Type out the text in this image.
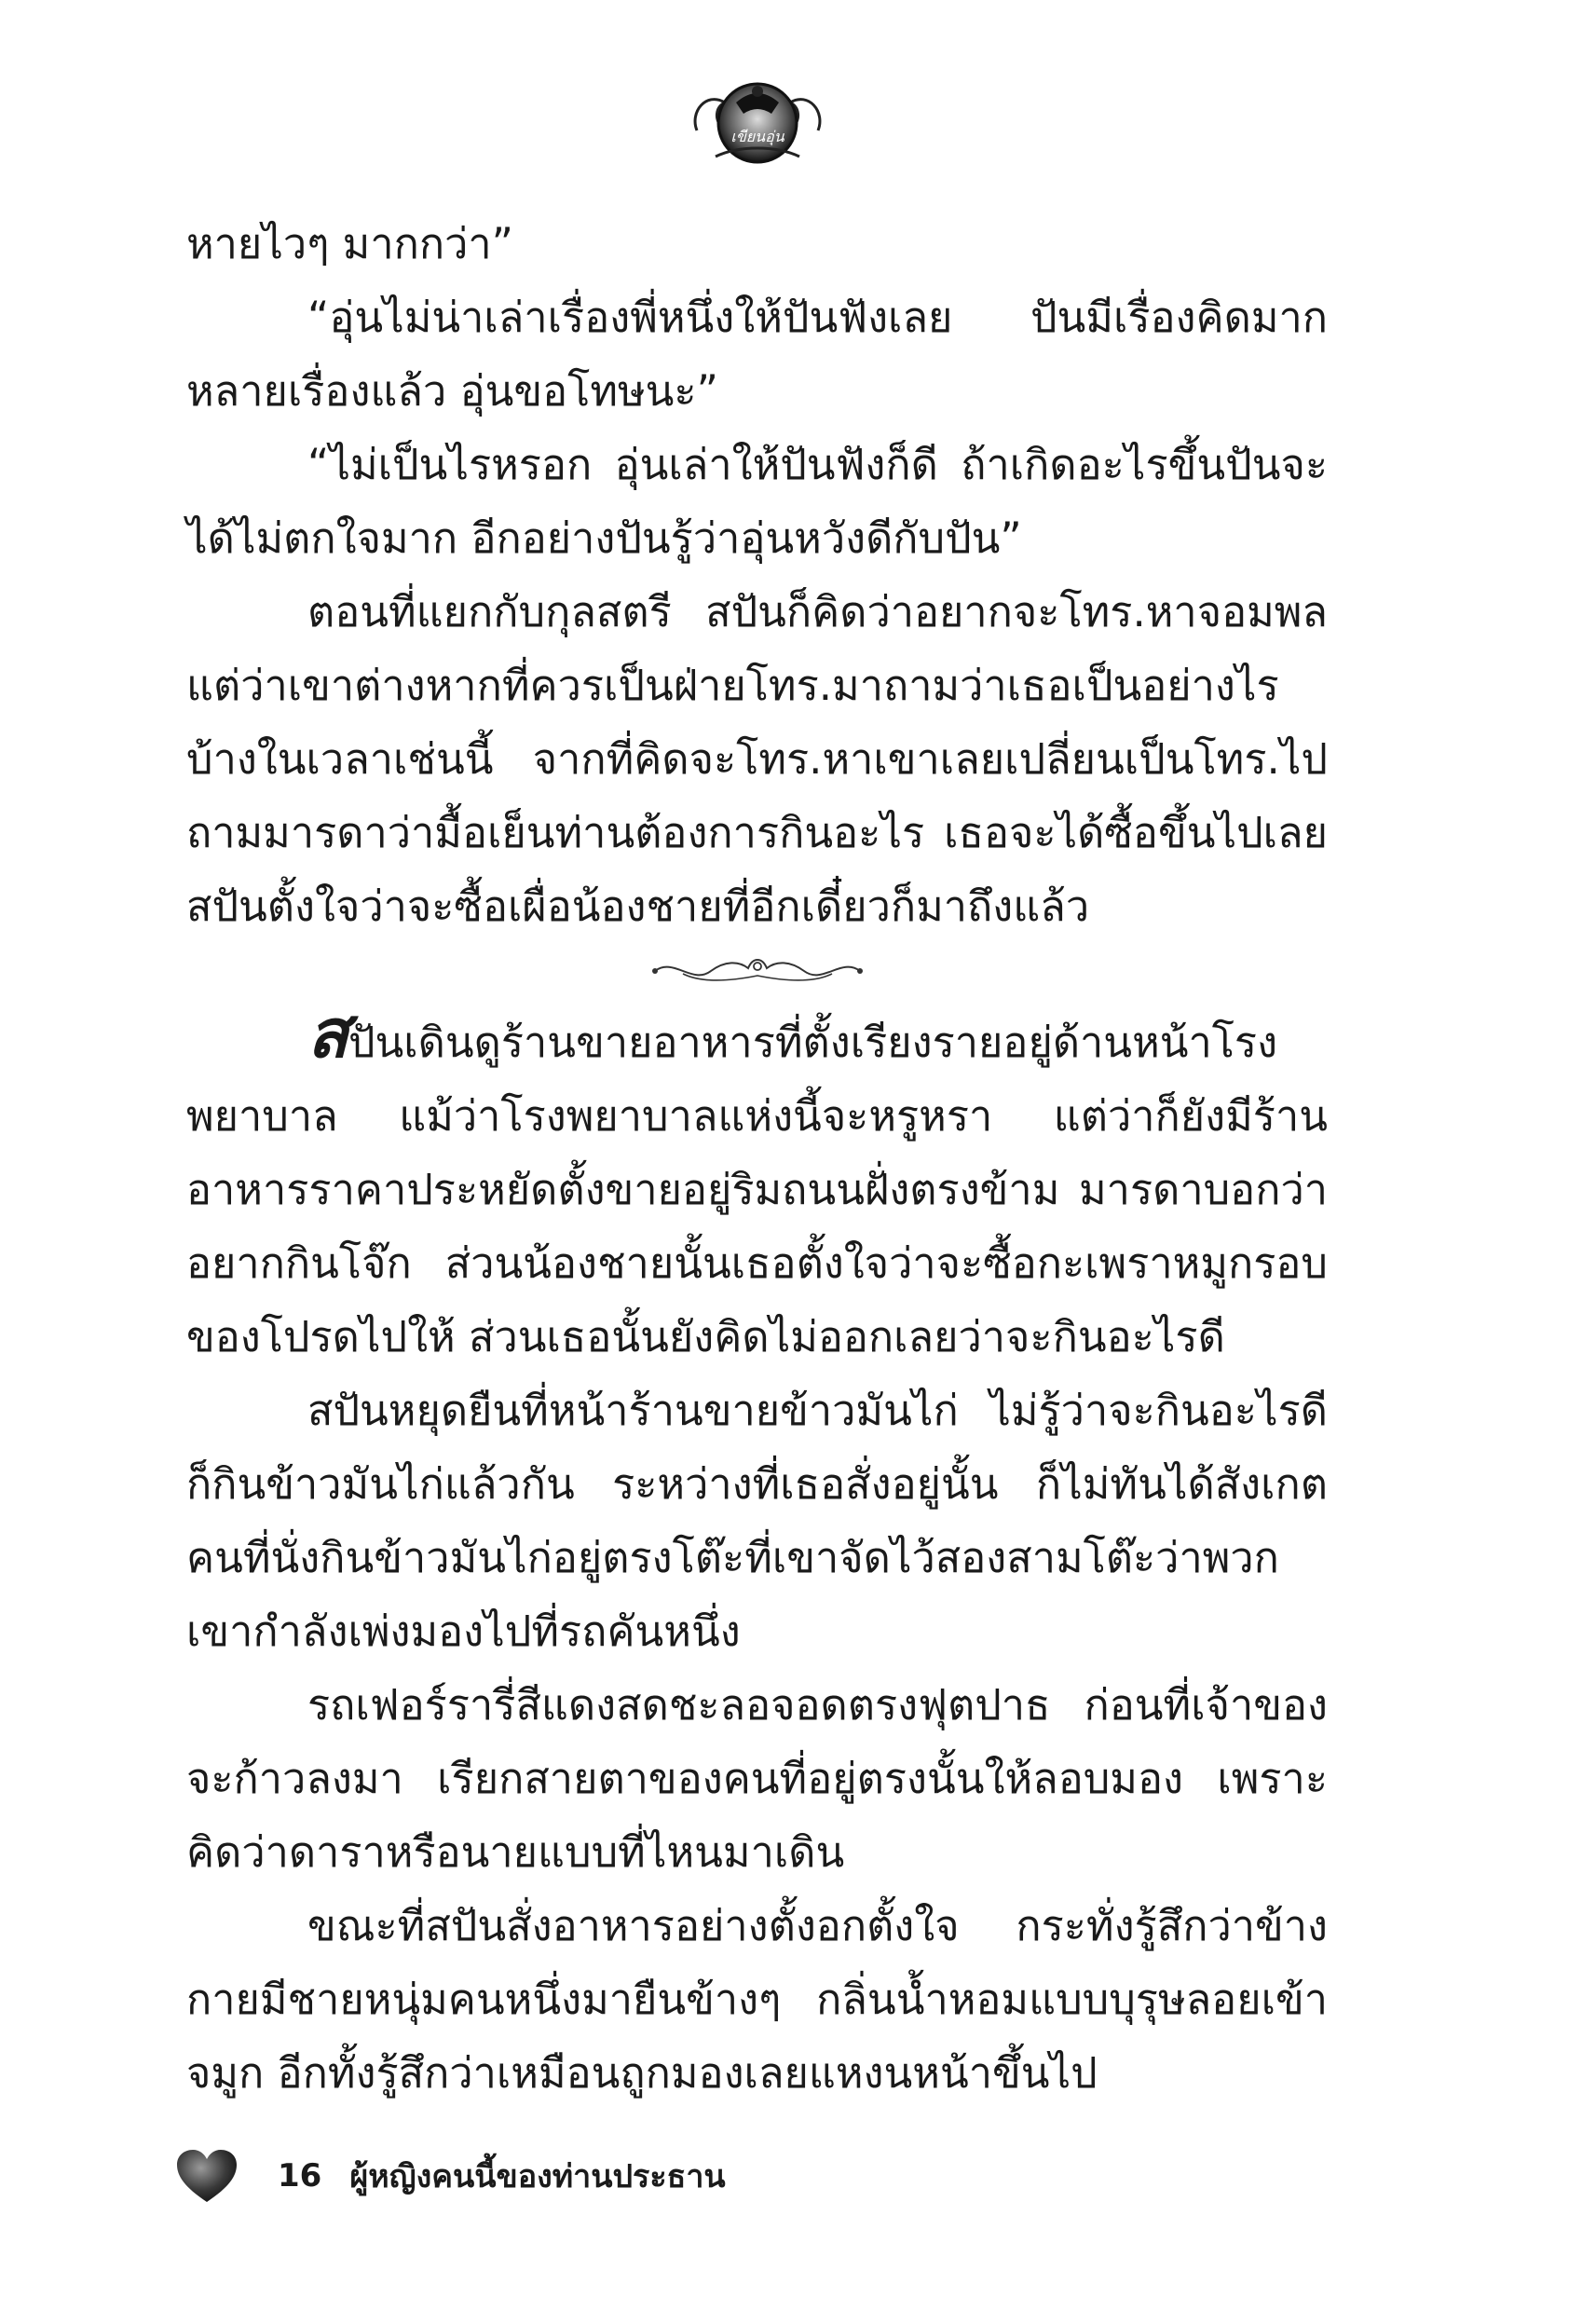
เขียนอุ่น

หายไวๆ มากกว่า”

“อุ่นไม่น่าเล่าเรื่องพี่หนึ่งให้ปันฟังเลย ปันมีเรื่องคิดมากหลายเรื่องแล้ว อุ่นขอโทษนะ”

“ไม่เป็นไรหรอก อุ่นเล่าให้ปันฟังก็ดี ถ้าเกิดอะไรขึ้นปันจะได้ไม่ตกใจมาก อีกอย่างปันรู้ว่าอุ่นหวังดีกับปัน”

ตอนที่แยกกับกุลสตรี สปันก็คิดว่าอยากจะโทร.หาจอมพล แต่ว่าเขาต่างหากที่ควรเป็นฝ่ายโทร.มาถามว่าเธอเป็นอย่างไรบ้างในเวลาเช่นนี้ จากที่คิดจะโทร.หาเขาเลยเปลี่ยนเป็นโทร.ไปถามมารดาว่ามื้อเย็นท่านต้องการกินอะไร เธอจะได้ซื้อขึ้นไปเลย สปันตั้งใจว่าจะซื้อเผื่อน้องชายที่อีกเดี๋ยวก็มาถึงแล้ว

สปันเดินดูร้านขายอาหารที่ตั้งเรียงรายอยู่ด้านหน้าโรงพยาบาล แม้ว่าโรงพยาบาลแห่งนี้จะหรูหรา แต่ว่าก็ยังมีร้านอาหารราคาประหยัดตั้งขายอยู่ริมถนนฝั่งตรงข้าม มารดาบอกว่าอยากกินโจ๊ก ส่วนน้องชายนั้นเธอตั้งใจว่าจะซื้อกะเพราหมูกรอบของโปรดไปให้ ส่วนเธอนั้นยังคิดไม่ออกเลยว่าจะกินอะไรดี

สปันหยุดยืนที่หน้าร้านขายข้าวมันไก่ ไม่รู้ว่าจะกินอะไรดีก็กินข้าวมันไก่แล้วกัน ระหว่างที่เธอสั่งอยู่นั้น ก็ไม่ทันได้สังเกตคนที่นั่งกินข้าวมันไก่อยู่ตรงโต๊ะที่เขาจัดไว้สองสามโต๊ะว่าพวกเขากำลังเพ่งมองไปที่รถคันหนึ่ง

รถเฟอร์รารี่สีแดงสดชะลอจอดตรงฟุตปาธ ก่อนที่เจ้าของจะก้าวลงมา เรียกสายตาของคนที่อยู่ตรงนั้นให้ลอบมอง เพราะคิดว่าดาราหรือนายแบบที่ไหนมาเดิน

ขณะที่สปันสั่งอาหารอย่างตั้งอกตั้งใจ กระทั่งรู้สึกว่าข้างกายมีชายหนุ่มคนหนึ่งมายืนข้างๆ กลิ่นน้ำหอมแบบบุรุษลอยเข้าจมูก อีกทั้งรู้สึกว่าเหมือนถูกมองเลยแหงนหน้าขึ้นไป

16 ผู้หญิงคนนี้ของท่านประธาน
